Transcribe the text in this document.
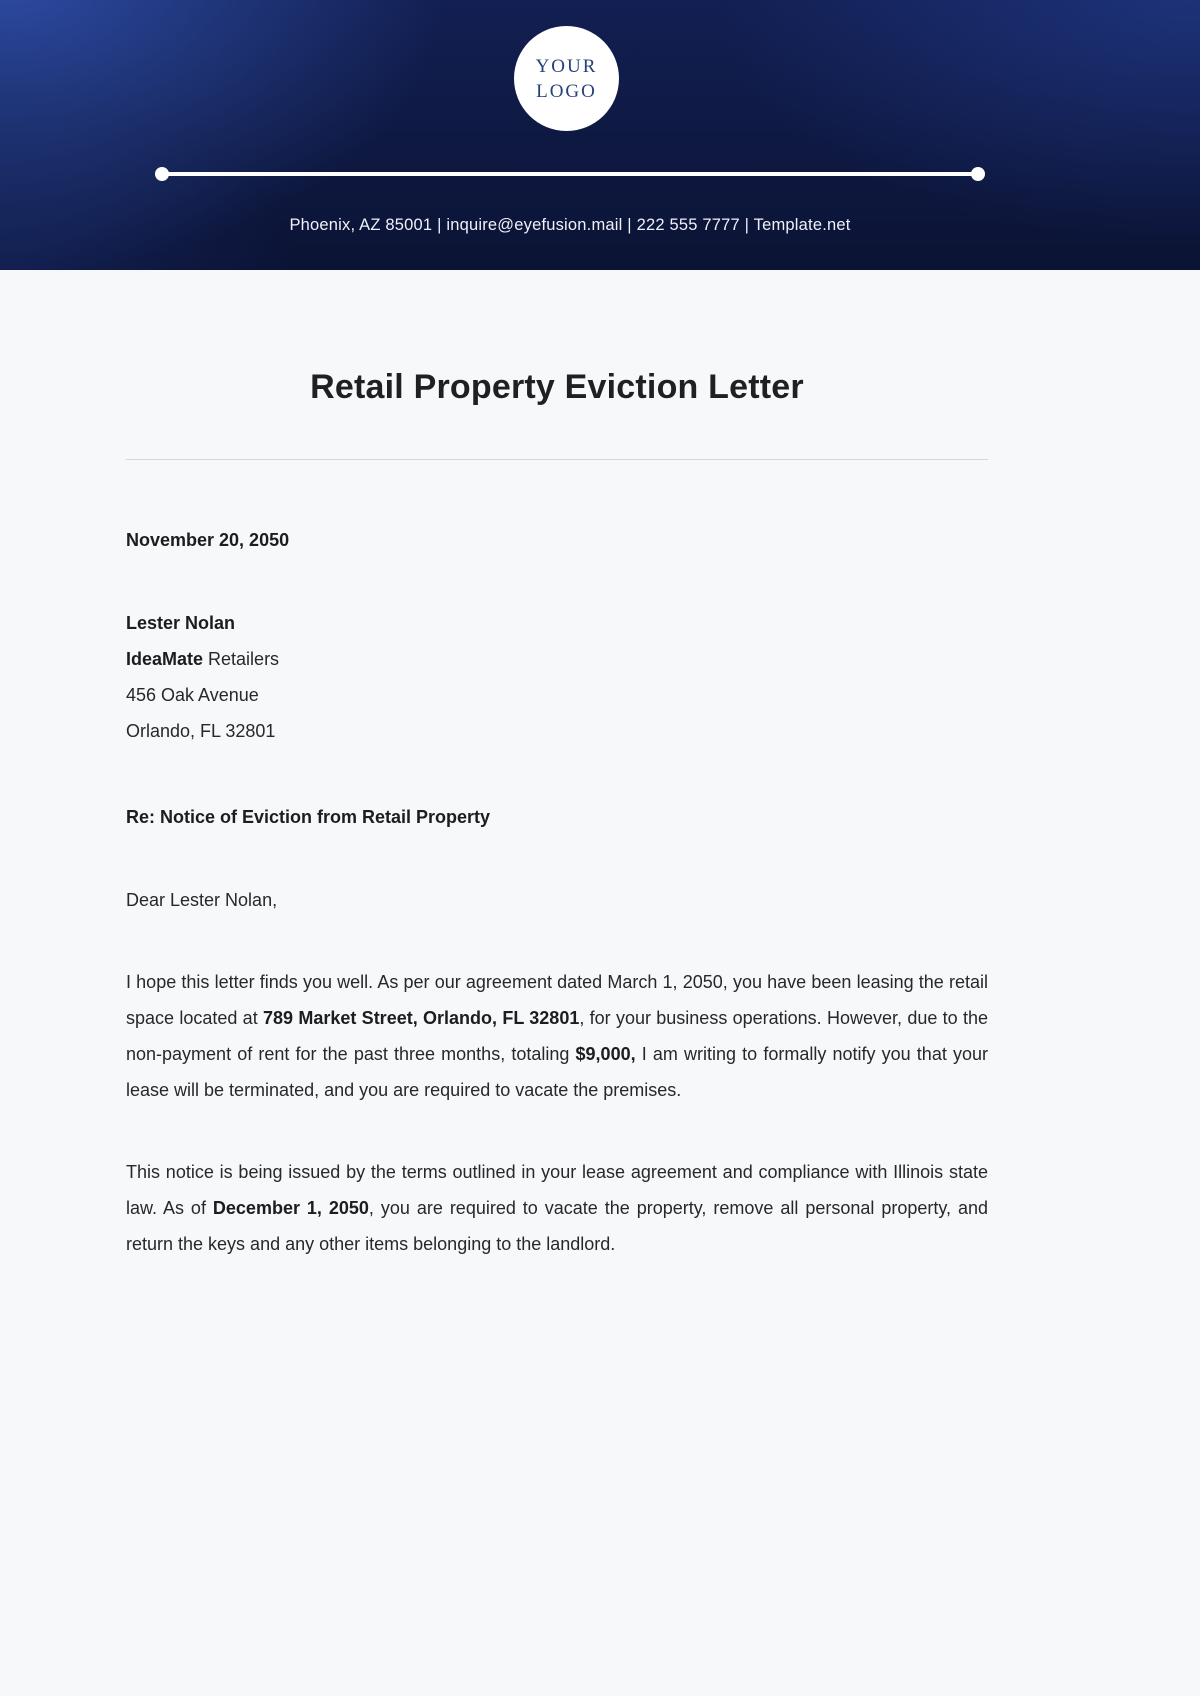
YOUR
LOGO
Phoenix, AZ 85001 | inquire@eyefusion.mail | 222 555 7777 | Template.net
Retail Property Eviction Letter

November 20, 2050

Lester Nolan

IdeaMate Retailers

456 Oak Avenue

Orlando, FL 32801

Re: Notice of Eviction from Retail Property

Dear Lester Nolan,

I hope this letter finds you well. As per our agreement dated March 1, 2050, you have been leasing the retail space located at 789 Market Street, Orlando, FL 32801, for your business operations. However, due to the non-payment of rent for the past three months, totaling $9,000, I am writing to formally notify you that your lease will be terminated, and you are required to vacate the premises.

This notice is being issued by the terms outlined in your lease agreement and compliance with Illinois state law. As of December 1, 2050, you are required to vacate the property, remove all personal property, and return the keys and any other items belonging to the landlord.
